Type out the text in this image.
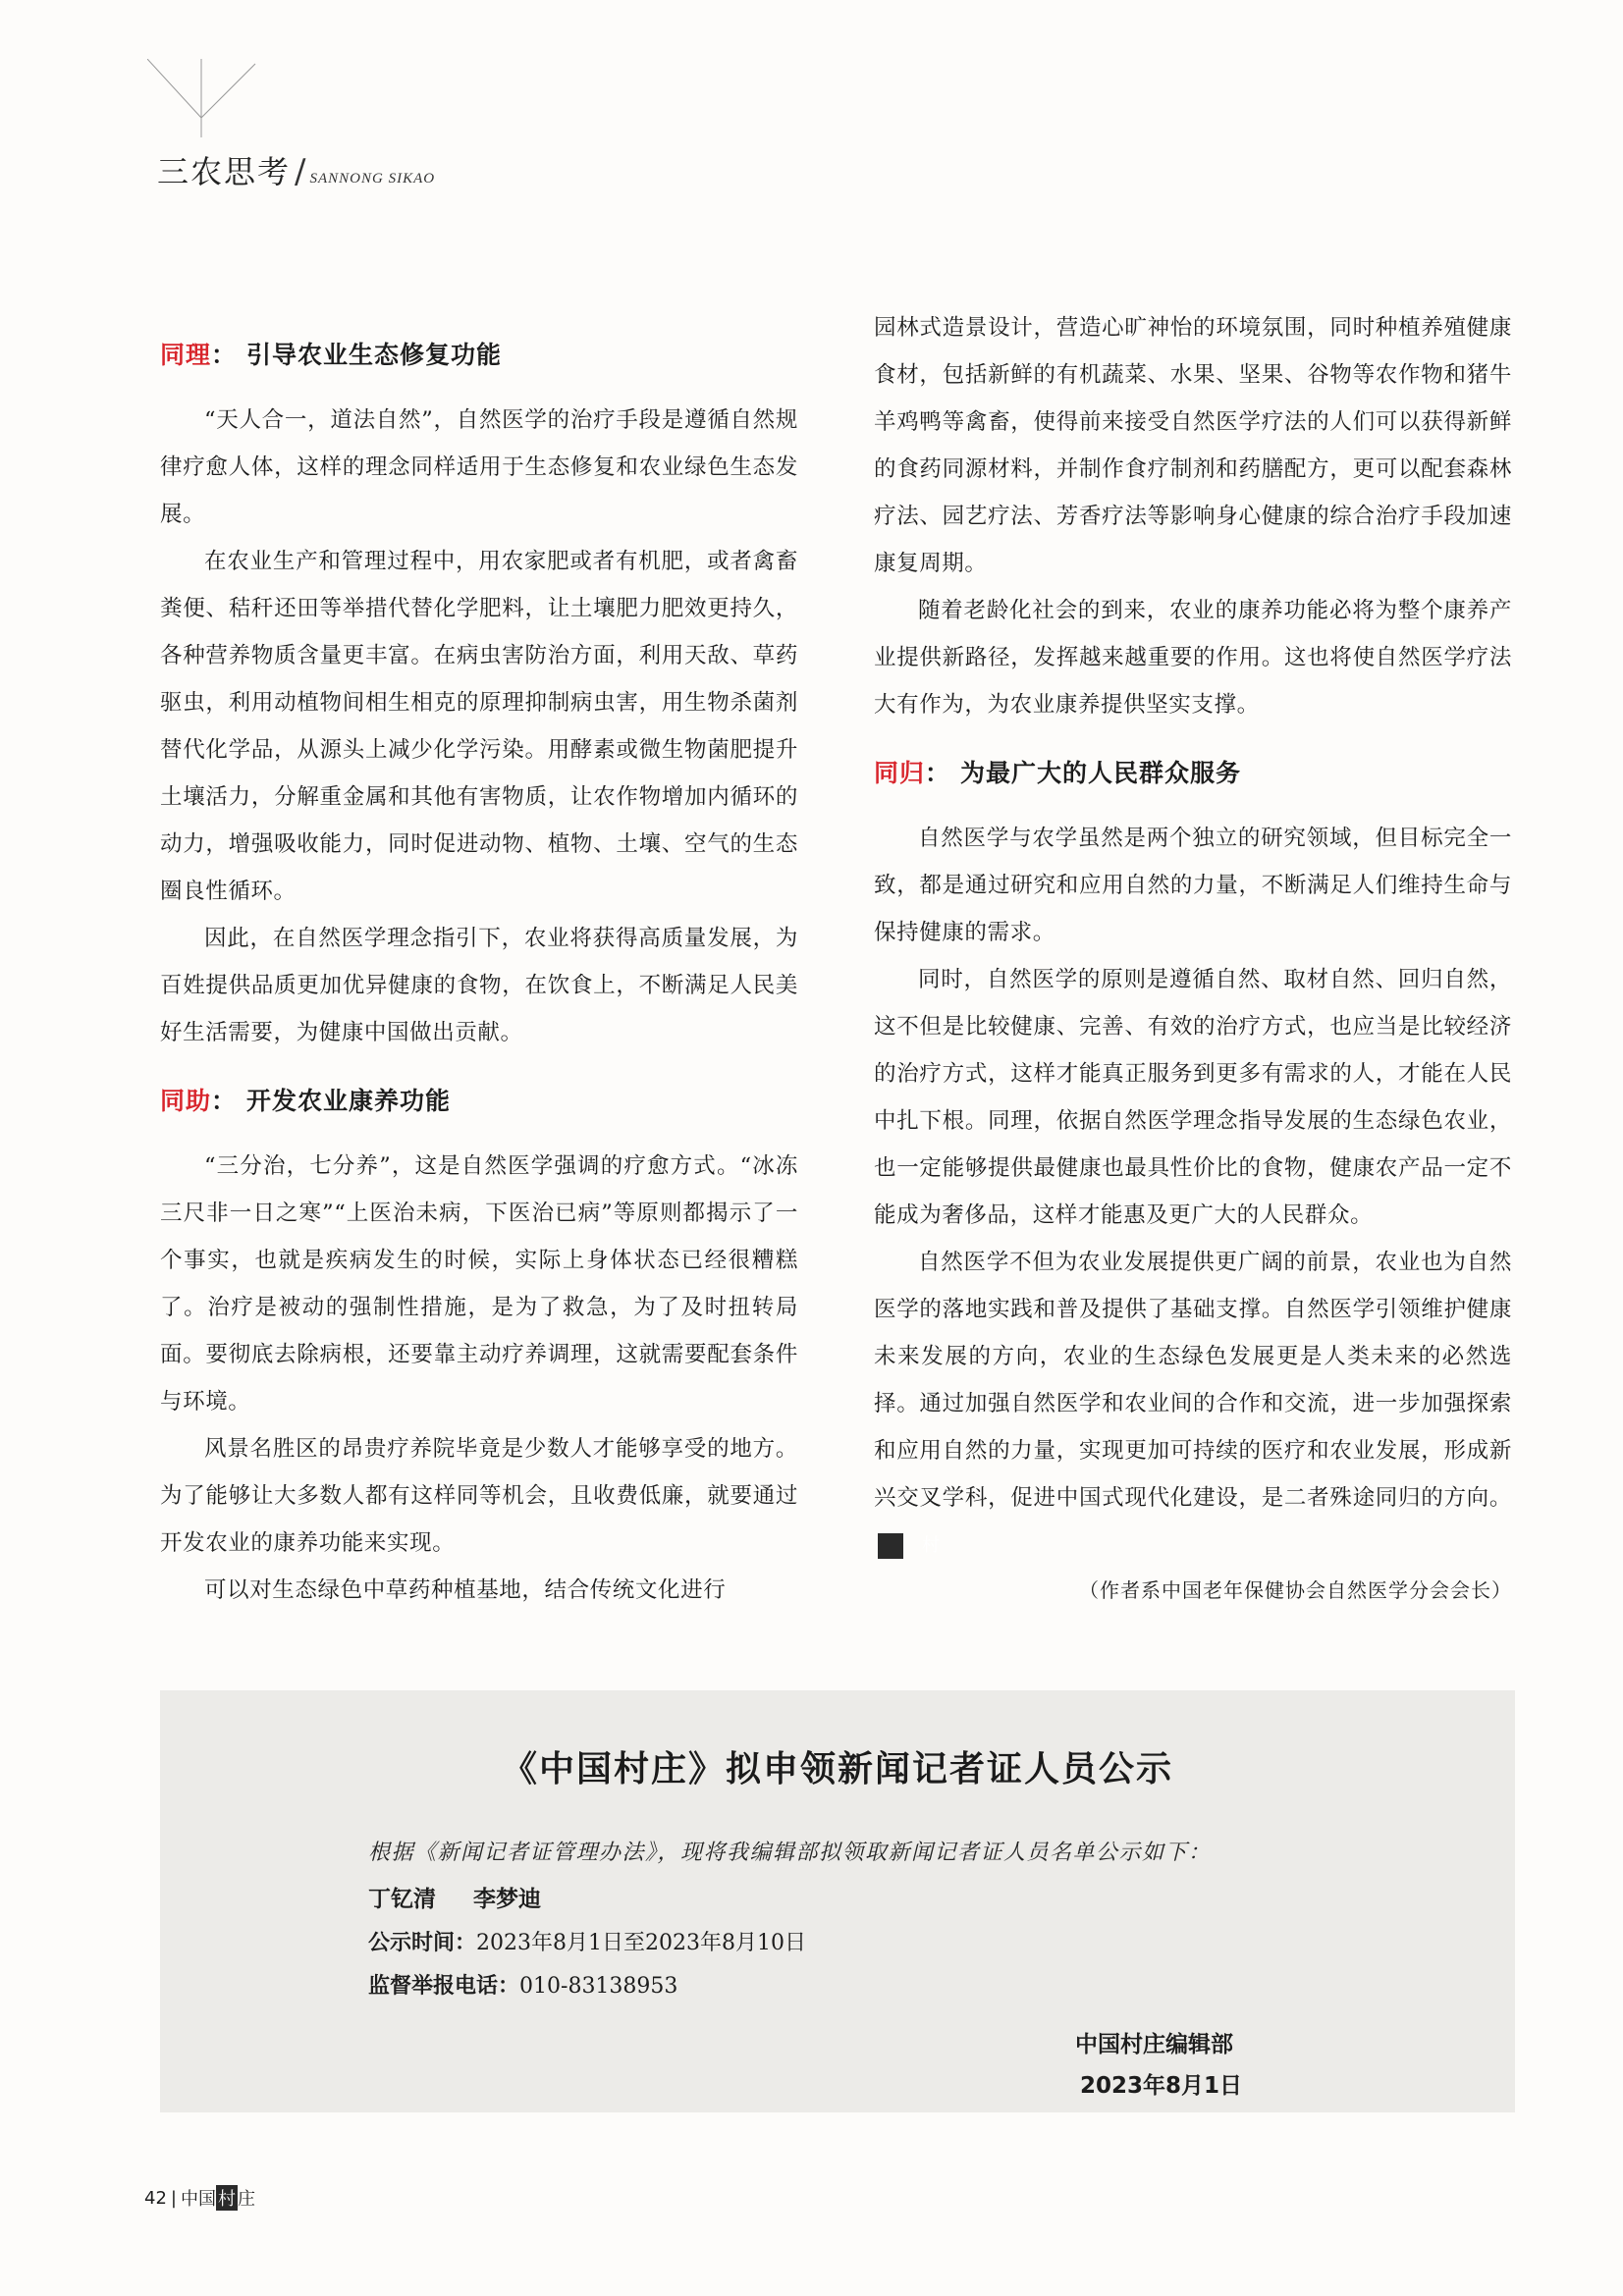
三农思考 / SANNONG SIKAO
同理 ： 引导农业生态修复功能

“天人合一，道法自然”，自然医学的治疗手段是遵循自然规律疗愈人体，这样的理念同样适用于生态修复和农业绿色生态发展。

在农业生产和管理过程中，用农家肥或者有机肥，或者禽畜粪便、秸秆还田等举措代替化学肥料，让土壤肥力肥效更持久，各种营养物质含量更丰富。在病虫害防治方面，利用天敌、草药驱虫，利用动植物间相生相克的原理抑制病虫害，用生物杀菌剂替代化学品，从源头上减少化学污染。用酵素或微生物菌肥提升土壤活力，分解重金属和其他有害物质，让农作物增加内循环的动力，增强吸收能力，同时促进动物、植物、土壤、空气的生态圈良性循环。

因此，在自然医学理念指引下，农业将获得高质量发展，为百姓提供品质更加优异健康的食物，在饮食上，不断满足人民美好生活需要，为健康中国做出贡献。

同助 ： 开发农业康养功能

“三分治，七分养”，这是自然医学强调的疗愈方式。“冰冻三尺非一日之寒”“上医治未病，下医治已病”等原则都揭示了一个事实，也就是疾病发生的时候，实际上身体状态已经很糟糕了。治疗是被动的强制性措施，是为了救急，为了及时扭转局面。要彻底去除病根，还要靠主动疗养调理，这就需要配套条件与环境。

风景名胜区的昂贵疗养院毕竟是少数人才能够享受的地方。为了能够让大多数人都有这样同等机会，且收费低廉，就要通过开发农业的康养功能来实现。

可以对生态绿色中草药种植基地，结合传统文化进行

园林式造景设计，营造心旷神怡的环境氛围，同时种植养殖健康食材，包括新鲜的有机蔬菜、水果、坚果、谷物等农作物和猪牛羊鸡鸭等禽畜，使得前来接受自然医学疗法的人们可以获得新鲜的食药同源材料，并制作食疗制剂和药膳配方，更可以配套森林疗法、园艺疗法、芳香疗法等影响身心健康的综合治疗手段加速康复周期。

随着老龄化社会的到来，农业的康养功能必将为整个康养产业提供新路径，发挥越来越重要的作用。这也将使自然医学疗法大有作为，为农业康养提供坚实支撑。

同归 ： 为最广大的人民群众服务

自然医学与农学虽然是两个独立的研究领域，但目标完全一致，都是通过研究和应用自然的力量，不断满足人们维持生命与保持健康的需求。

同时，自然医学的原则是遵循自然、取材自然、回归自然，这不但是比较健康、完善、有效的治疗方式，也应当是比较经济的治疗方式，这样才能真正服务到更多有需求的人，才能在人民中扎下根。同理，依据自然医学理念指导发展的生态绿色农业，也一定能够提供最健康也最具性价比的食物，健康农产品一定不能成为奢侈品，这样才能惠及更广大的人民群众。

自然医学不但为农业发展提供更广阔的前景，农业也为自然医学的落地实践和普及提供了基础支撑。自然医学引领维护健康未来发展的方向，农业的生态绿色发展更是人类未来的必然选择。通过加强自然医学和农业间的合作和交流，进一步加强探索和应用自然的力量，实现更加可持续的医疗和农业发展，形成新兴交叉学科，促进中国式现代化建设，是二者殊途同归的方向。村

（作者系中国老年保健协会自然医学分会会长）
《中国村庄》拟申领新闻记者证人员公示
根据《新闻记者证管理办法》，现将我编辑部拟领取新闻记者证人员名单公示如下：
丁钇清 李梦迪
公示时间：2023年8月1日至2023年8月10日
监督举报电话：010-83138953
中国村庄编辑部
2023年8月1日
42 | 中国 村 庄
